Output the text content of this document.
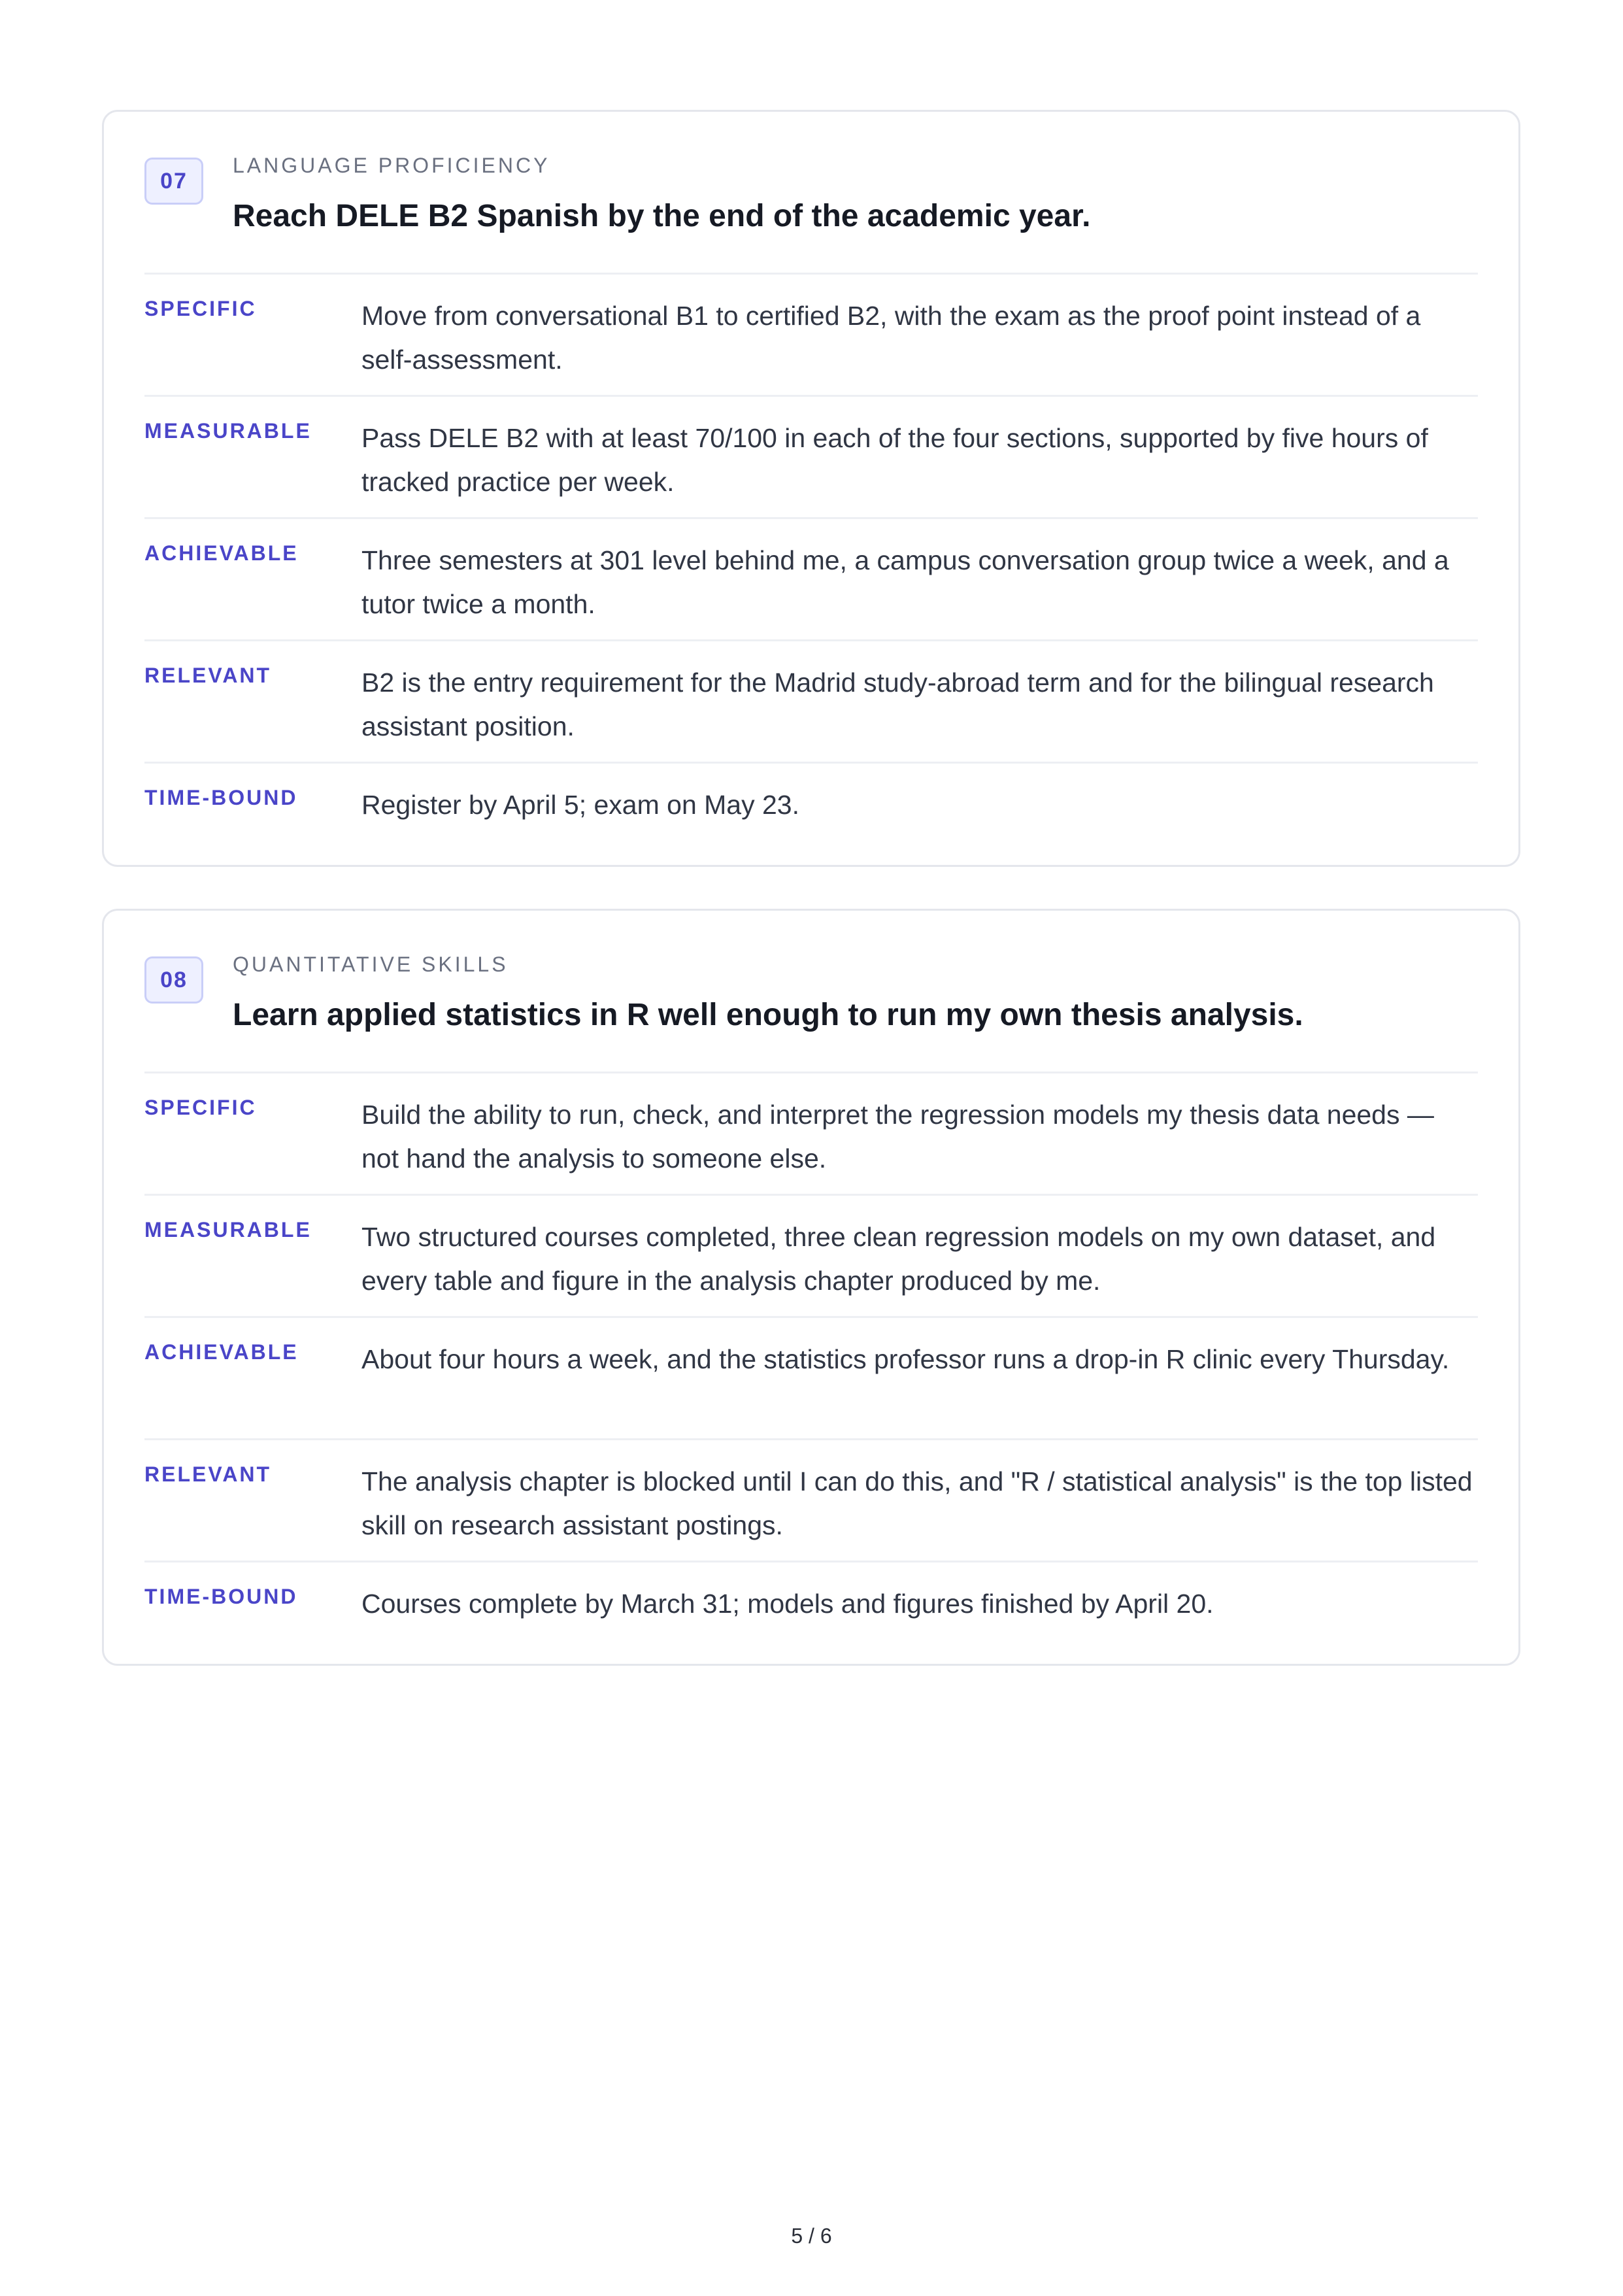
07
LANGUAGE PROFICIENCY
Reach DELE B2 Spanish by the end of the academic year.
SPECIFIC	Move from conversational B1 to certified B2, with the exam as the proof point instead of a self-assessment.
MEASURABLE Pass DELE B2 with at least 70/100 in each of the four sections, supported by five hours of tracked practice per week.
ACHIEVABLE Three semesters at 301 level behind me, a campus conversation group twice a week, and a tutor twice a month.
RELEVANT	B2 is the entry requirement for the Madrid study-abroad term and for the bilingual research assistant position.
TIME-BOUND Register by April 5; exam on May 23.
08
QUANTITATIVE SKILLS
Learn applied statistics in R well enough to run my own thesis analysis.
SPECIFIC	Build the ability to run, check, and interpret the regression models my thesis data needs — not hand the analysis to someone else.
MEASURABLE Two structured courses completed, three clean regression models on my own dataset, and every table and figure in the analysis chapter produced by me.
ACHIEVABLE About four hours a week, and the statistics professor runs a drop-in R clinic every Thursday.
RELEVANT	The analysis chapter is blocked until I can do this, and "R / statistical analysis" is the top listed skill on research assistant postings.
TIME-BOUND Courses complete by March 31; models and figures finished by April 20.
5 / 6
